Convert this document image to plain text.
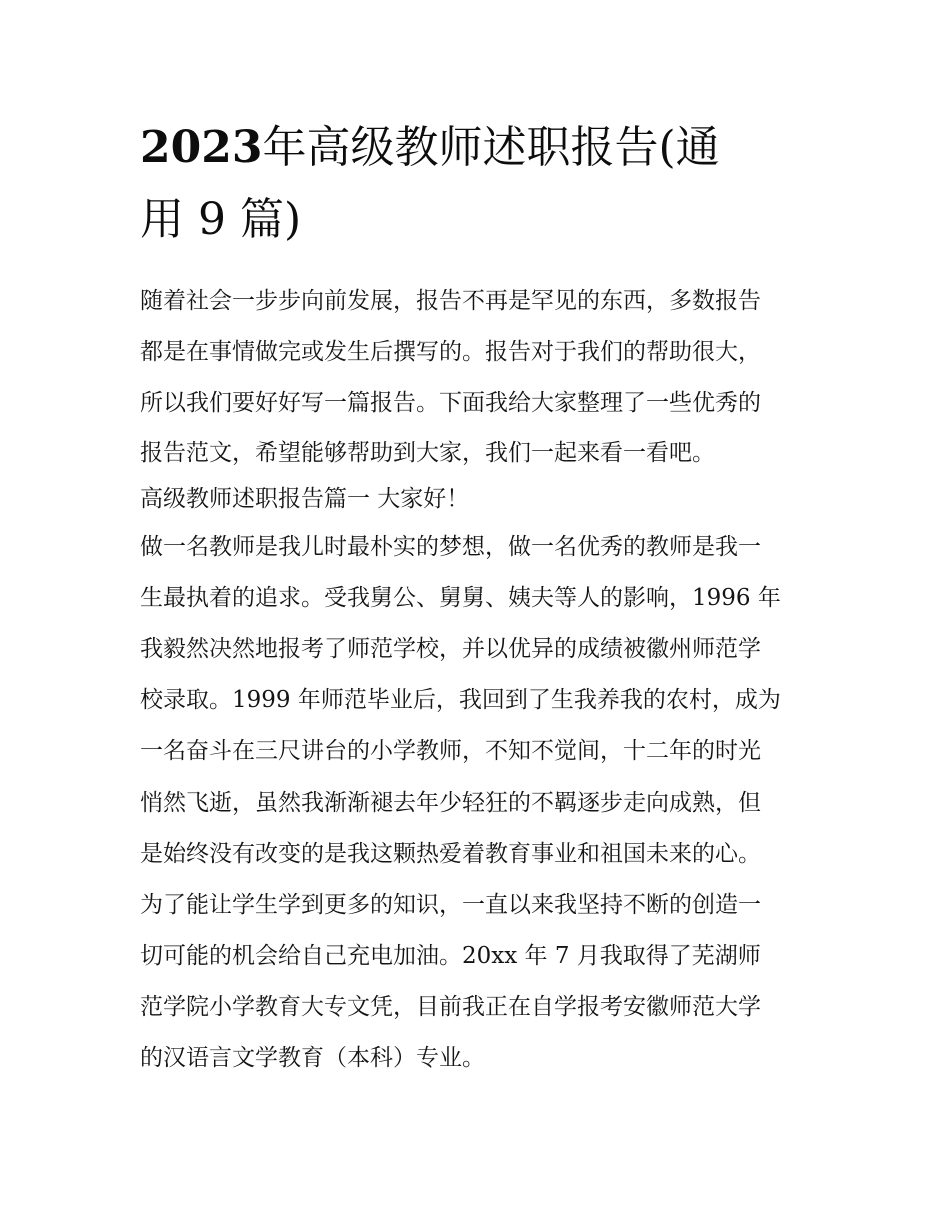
2023年高级教师述职报告(通
用 9 篇)
随着社会一步步向前发展，报告不再是罕见的东西，多数报告
都是在事情做完或发生后撰写的。报告对于我们的帮助很大，
所以我们要好好写一篇报告。下面我给大家整理了一些优秀的
报告范文，希望能够帮助到大家，我们一起来看一看吧。
高级教师述职报告篇一 大家好！
做一名教师是我儿时最朴实的梦想，做一名优秀的教师是我一
生最执着的追求。受我舅公、舅舅、姨夫等人的影响，1996 年
我毅然决然地报考了师范学校，并以优异的成绩被徽州师范学
校录取。1999 年师范毕业后，我回到了生我养我的农村，成为
一名奋斗在三尺讲台的小学教师，不知不觉间，十二年的时光
悄然飞逝，虽然我渐渐褪去年少轻狂的不羁逐步走向成熟，但
是始终没有改变的是我这颗热爱着教育事业和祖国未来的心。
为了能让学生学到更多的知识，一直以来我坚持不断的创造一
切可能的机会给自己充电加油。20xx 年 7 月我取得了芜湖师
范学院小学教育大专文凭，目前我正在自学报考安徽师范大学
的汉语言文学教育（本科）专业。
